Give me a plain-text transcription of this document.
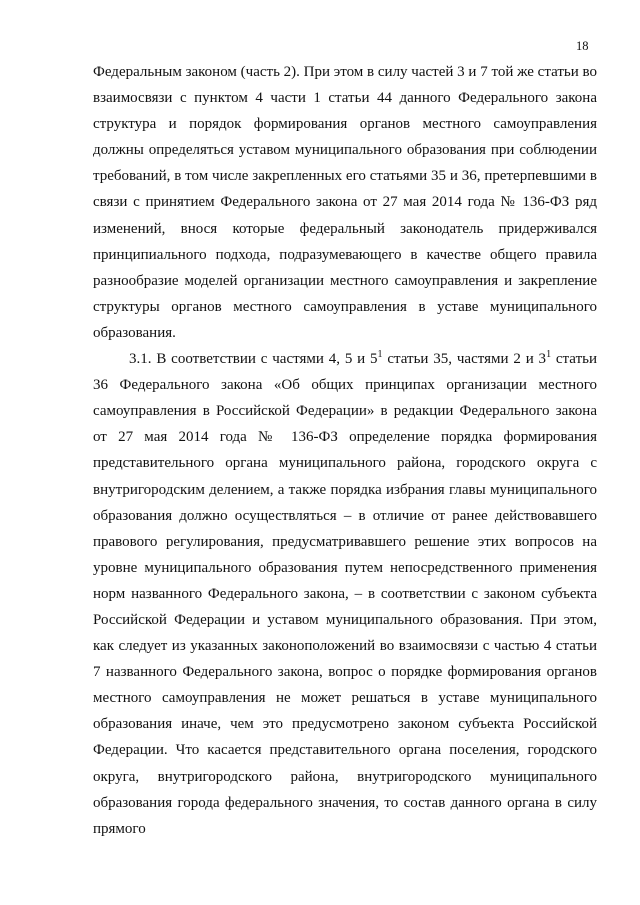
18

Федеральным законом (часть 2). При этом в силу частей 3 и 7 той же статьи во взаимосвязи с пунктом 4 части 1 статьи 44 данного Федерального закона структура и порядок формирования органов местного самоуправления должны определяться уставом муниципального образования при соблюдении требований, в том числе закрепленных его статьями 35 и 36, претерпевшими в связи с принятием Федерального закона от 27 мая 2014 года № 136-ФЗ ряд изменений, внося которые федеральный законодатель придерживался принципиального подхода, подразумевающего в качестве общего правила разнообразие моделей организации местного самоуправления и закрепление структуры органов местного самоуправления в уставе муниципального образования.

3.1. В соответствии с частями 4, 5 и $5^1$ статьи 35, частями 2 и $3^1$ статьи 36 Федерального закона «Об общих принципах организации местного самоуправления в Российской Федерации» в редакции Федерального закона от 27 мая 2014 года № 136-ФЗ определение порядка формирования представительного органа муниципального района, городского округа с внутригородским делением, а также порядка избрания главы муниципального образования должно осуществляться – в отличие от ранее действовавшего правового регулирования, предусматривавшего решение этих вопросов на уровне муниципального образования путем непосредственного применения норм названного Федерального закона, – в соответствии с законом субъекта Российской Федерации и уставом муниципального образования. При этом, как следует из указанных законоположений во взаимосвязи с частью 4 статьи 7 названного Федерального закона, вопрос о порядке формирования органов местного самоуправления не может решаться в уставе муниципального образования иначе, чем это предусмотрено законом субъекта Российской Федерации. Что касается представительного органа поселения, городского округа, внутригородского района, внутригородского муниципального образования города федерального значения, то состав данного органа в силу прямого
